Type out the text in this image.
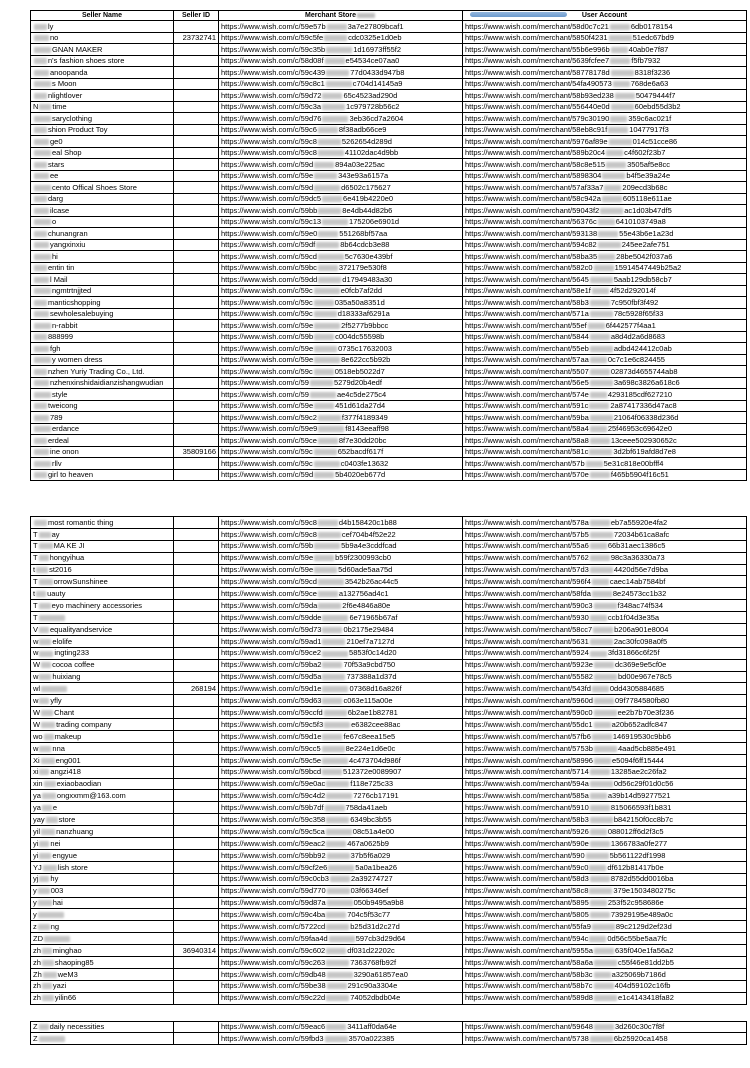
Seller Name	Seller ID	Merchant Store	User Account
ly		https://www.wish.com/c/59e57b 3a7e27809bcaf1	https://www.wish.com/merchant/58d0c7c21 6db0178154
no	23732741	https://www.wish.com/c/59c5fe cdc0325e1d0eb	https://www.wish.com/merchant/5850f4231 51edc67bd9
GNAN MAKER		https://www.wish.com/c/59c35b 1d16973ff55f2	https://www.wish.com/merchant/55b6e996b 40ab0e7f87
n's fashion shoes store		https://www.wish.com/c/58d08f e54534ce07aa0	https://www.wish.com/merchant/5639fcfee7 f5fb7932
anoopanda		https://www.wish.com/c/59c439 77d0433d947b8	https://www.wish.com/merchant/58778178d 8318f3236
s Moon		https://www.wish.com/c/59c8c1 c704d14145a9	https://www.wish.com/merchant/54fa490573 768de6a63
nlightlover		https://www.wish.com/c/59d72 65c4523ad290d	https://www.wish.com/merchant/58b93ed238 50479444f7
N time		https://www.wish.com/c/59c3a 1c979728b56c2	https://www.wish.com/merchant/556440e0d 60ebd55d3b2
saryclothing		https://www.wish.com/c/59d76 3eb36cd7a2604	https://www.wish.com/merchant/579c30190 359c6ac021f
shion Product Toy		https://www.wish.com/c/59c6 8f38adb66ce9	https://www.wish.com/merchant/58eb8c91f 10477917f3
ge0		https://www.wish.com/c/59c8 5262654d289d	https://www.wish.com/merchant/5976af89e 014c51cce86
eal Shop		https://www.wish.com/c/59c8 41102dac4d9bb	https://www.wish.com/merchant/589b20c4 c4f602f23b7
stars		https://www.wish.com/c/59d 894a03e225ac	https://www.wish.com/merchant/58c8e515 3505af5e8cc
ee		https://www.wish.com/c/59e 343e93a6157a	https://www.wish.com/merchant/5898304 b4f5e39a24e
cento Offical Shoes Store		https://www.wish.com/c/59d d6502c175627	https://www.wish.com/merchant/57af33a7 209ecd3b68c
darg		https://www.wish.com/c/59dc5 6e419b4220e0	https://www.wish.com/merchant/58c942a 605118e611ae
ilcase		https://www.wish.com/c/59bb 8e4db44d82b6	https://www.wish.com/merchant/59043f2 ac1d03b47df5
o		https://www.wish.com/c/59c13 175206e6901d	https://www.wish.com/merchant/56376c 6410103749a8
chunangran		https://www.wish.com/c/59e0 551268bf57aa	https://www.wish.com/merchant/593138 55e43b6e1a23d
yangxinxiu		https://www.wish.com/c/59df 8b64cdcb3e88	https://www.wish.com/merchant/594c82 245ee2afe751
hi		https://www.wish.com/c/59cd 5c7630e439bf	https://www.wish.com/merchant/58ba35 28be5042f037a6
entin tin		https://www.wish.com/c/59bc 372179e530f8	https://www.wish.com/merchant/582c0 15914547449b25a2
l Mail		https://www.wish.com/c/59dd d17949483a30	https://www.wish.com/merchant/5645 5aab129db58cb7
ngmtrtnjjted		https://www.wish.com/c/59c e0fcb7af2dd	https://www.wish.com/merchant/58e1f 4f52d292014f
manticshopping		https://www.wish.com/c/59c 035a50a8351d	https://www.wish.com/merchant/58b3 7c950fbf3f492
sewholesalebuying		https://www.wish.com/c/59c d18333af6291a	https://www.wish.com/merchant/571a 78c5928f65f33
n-rabbit		https://www.wish.com/c/59e 2f5277b9bbcc	https://www.wish.com/merchant/55ef 6f442577f4aa1
888999		https://www.wish.com/c/59b c004dc55598b	https://www.wish.com/merchant/5844 a8d4d2a6d8683
fgh		https://www.wish.com/c/59e 0735c17632003	https://www.wish.com/merchant/55eb adbd424412c0ab
y women dress		https://www.wish.com/c/59e 8e622cc5b92b	https://www.wish.com/merchant/57aa 0c7c1e6c824455
nzhen Yuriy Trading Co., Ltd.		https://www.wish.com/c/59c 0518eb5022d7	https://www.wish.com/merchant/5507 02873d4655744ab8
nzhenxinshidaidianzishangwudian		https://www.wish.com/c/59 5279d20b4edf	https://www.wish.com/merchant/56e5 3a698c3826a618c6
style		https://www.wish.com/c/59 ae4c5de275c4	https://www.wish.com/merchant/574e 4293185cdf627210
tweicong		https://www.wish.com/c/59e 451d61da27d4	https://www.wish.com/merchant/591c 2a87417336d47ac8
789		https://www.wish.com/c/59c2 f377f4189349	https://www.wish.com/merchant/59ba 21064f06338d236d
erdance		https://www.wish.com/c/59e9 f8143eeaff98	https://www.wish.com/merchant/58a4 25f46953c69642e0
erdeal		https://www.wish.com/c/59ce 8f7e30dd20bc	https://www.wish.com/merchant/58a8 13ceee502930652c
ine onon	35809166	https://www.wish.com/c/59c 652bacdf617f	https://www.wish.com/merchant/581c 3d2bf619afd8d7e8
rllv		https://www.wish.com/c/59c c0403fe13632	https://www.wish.com/merchant/57b 5e31c818e00bfff4
girl to heaven		https://www.wish.com/c/59d 5b4020eb677d	https://www.wish.com/merchant/570e f465b5904f16c51
most romantic thing		https://www.wish.com/c/59c8 d4b158420c1b88	https://www.wish.com/merchant/578a eb7a55920e4fa2
T ay		https://www.wish.com/c/59c8 cef704b4f52e22	https://www.wish.com/merchant/57b5 72034b61ca8afc
T MA KE JI		https://www.wish.com/c/59b 5b9a4e3cddfcad	https://www.wish.com/merchant/55a6 66b31aec1386c5
T hongyihua		https://www.wish.com/c/59e b59f2300993cb0	https://www.wish.com/merchant/5762 98c3a36330a73
t st2016		https://www.wish.com/c/59e 5d60ade5aa75d	https://www.wish.com/merchant/57d3 4420d56e7d9ba
T orrowSunshinee		https://www.wish.com/c/59cd 3542b26ac44c5	https://www.wish.com/merchant/596f4 caec14ab7584bf
t uauty		https://www.wish.com/c/59ce a132756ad4c1	https://www.wish.com/merchant/58fda 8e24573cc1b32
T eyo machinery accessories		https://www.wish.com/c/59da 2f6e4846a80e	https://www.wish.com/merchant/590c3 f348ac74f534
T		https://www.wish.com/c/59dde 6e71965b67af	https://www.wish.com/merchant/5930 ccb1f04d3e35a
V equalityandservice		https://www.wish.com/c/59d73 0b2175e29484	https://www.wish.com/merchant/58cc7 b206a901e8004
w elolife		https://www.wish.com/c/59ad1 210ef7a7127d	https://www.wish.com/merchant/5631 2ac30fc098a0f5
w ingting233		https://www.wish.com/c/59ce2 5853f0c14d20	https://www.wish.com/merchant/5924 3fd31866c6f25f
W cocoa coffee		https://www.wish.com/c/59ba2 70f53a9cbd750	https://www.wish.com/merchant/5923e dc369e9e5cf0e
w huixiang		https://www.wish.com/c/59d5a 737388a1d37d	https://www.wish.com/merchant/55582 bd00e967e78c5
wl	268194	https://www.wish.com/c/59d1e 07368d16a826f	https://www.wish.com/merchant/543fd 0dd4305884685
w yfly		https://www.wish.com/c/59d63 c063e115a00e	https://www.wish.com/merchant/5960d 09f7784580fb80
W Chant		https://www.wish.com/c/59ccfd 6b2ae1b82781	https://www.wish.com/merchant/590c0 ee2b7b70e3f236
W trading company		https://www.wish.com/c/59c5f3 e6382cee88ac	https://www.wish.com/merchant/55dc1 a20b652adfc847
wo makeup		https://www.wish.com/c/59d1e fe67c8eea15e5	https://www.wish.com/merchant/57fb6 146919530c9bb6
w nna		https://www.wish.com/c/59cc5 8e224e1d6e0c	https://www.wish.com/merchant/5753b 4aad5cb885e491
Xi eng001		https://www.wish.com/c/59c5e 4c473704d986f	https://www.wish.com/merchant/58996 e5094f6ff15444
xi angzi418		https://www.wish.com/c/59bcd 512372e0089907	https://www.wish.com/merchant/5714 13285ae2c26fa2
xin exiaobaodian		https://www.wish.com/c/59e0ac f118e725c33	https://www.wish.com/merchant/594a 0d56c29f01d0c56
ya ongxxmm@163.com		https://www.wish.com/c/59c4d2 7276cb17191	https://www.wish.com/merchant/585a a39b14d59277521
ya e		https://www.wish.com/c/59b7df 758da41aeb	https://www.wish.com/merchant/5910 815066593f1b831
yay store		https://www.wish.com/c/59c358 6349bc3b55	https://www.wish.com/merchant/58b3 b842150f0cc8b7c
yil nanzhuang		https://www.wish.com/c/59c5ca 08c51a4e00	https://www.wish.com/merchant/5926 088012ff6d2f3c5
yi nei		https://www.wish.com/c/59eac2 467a0625b9	https://www.wish.com/merchant/590e 1366783a0fe277
yi engyue		https://www.wish.com/c/59bb92 37b5f6a029	https://www.wish.com/merchant/590 5b561122df1998
YJ lish store		https://www.wish.com/c/59cf2e6 5a0a1bea26	https://www.wish.com/merchant/59c0 df612b81417b0e
yj hy		https://www.wish.com/c/59c0cb3 2a39274727	https://www.wish.com/merchant/58d3 8782d55dd0016ba
y 003		https://www.wish.com/c/59d770 03f66346ef	https://www.wish.com/merchant/58c8 379e1503480275c
y hai		https://www.wish.com/c/59d87a 050b9495a9b8	https://www.wish.com/merchant/5895 253f52c958686e
y		https://www.wish.com/c/59c4ba 704c5f53c77	https://www.wish.com/merchant/5805 73929195e489a0c
z ng		https://www.wish.com/c/5722cd b25d31d2c27d	https://www.wish.com/merchant/55fa9 89c2129d2ef23d
ZD		https://www.wish.com/c/59faa4d 597cb3d29d64	https://www.wish.com/merchant/594c 0d56c55be5aa7fc
zh minghao	36940314	https://www.wish.com/c/59c602 df031d22202c	https://www.wish.com/merchant/5955a 635f040e1fa56a2
zh shaoping85		https://www.wish.com/c/59c263 7363768fb92f	https://www.wish.com/merchant/58a6a c55f46e81dd2b5
Zh weM3		https://www.wish.com/c/59db48 3290a61857ea0	https://www.wish.com/merchant/58b3c a325069b7186d
zh yazi		https://www.wish.com/c/59be38 291c90a3304e	https://www.wish.com/merchant/58b7c 404d59102c16fb
zh yilin66		https://www.wish.com/c/59c22d 74052dbdb04e	https://www.wish.com/merchant/589d8 e1c4143418fa82
Z daily necessities		https://www.wish.com/c/59eac6 3411aff0da64e	https://www.wish.com/merchant/59648 3d260c30c7f8f
Z		https://www.wish.com/c/59fbd3 3570a022385	https://www.wish.com/merchant/5738 6b25920ca1458
